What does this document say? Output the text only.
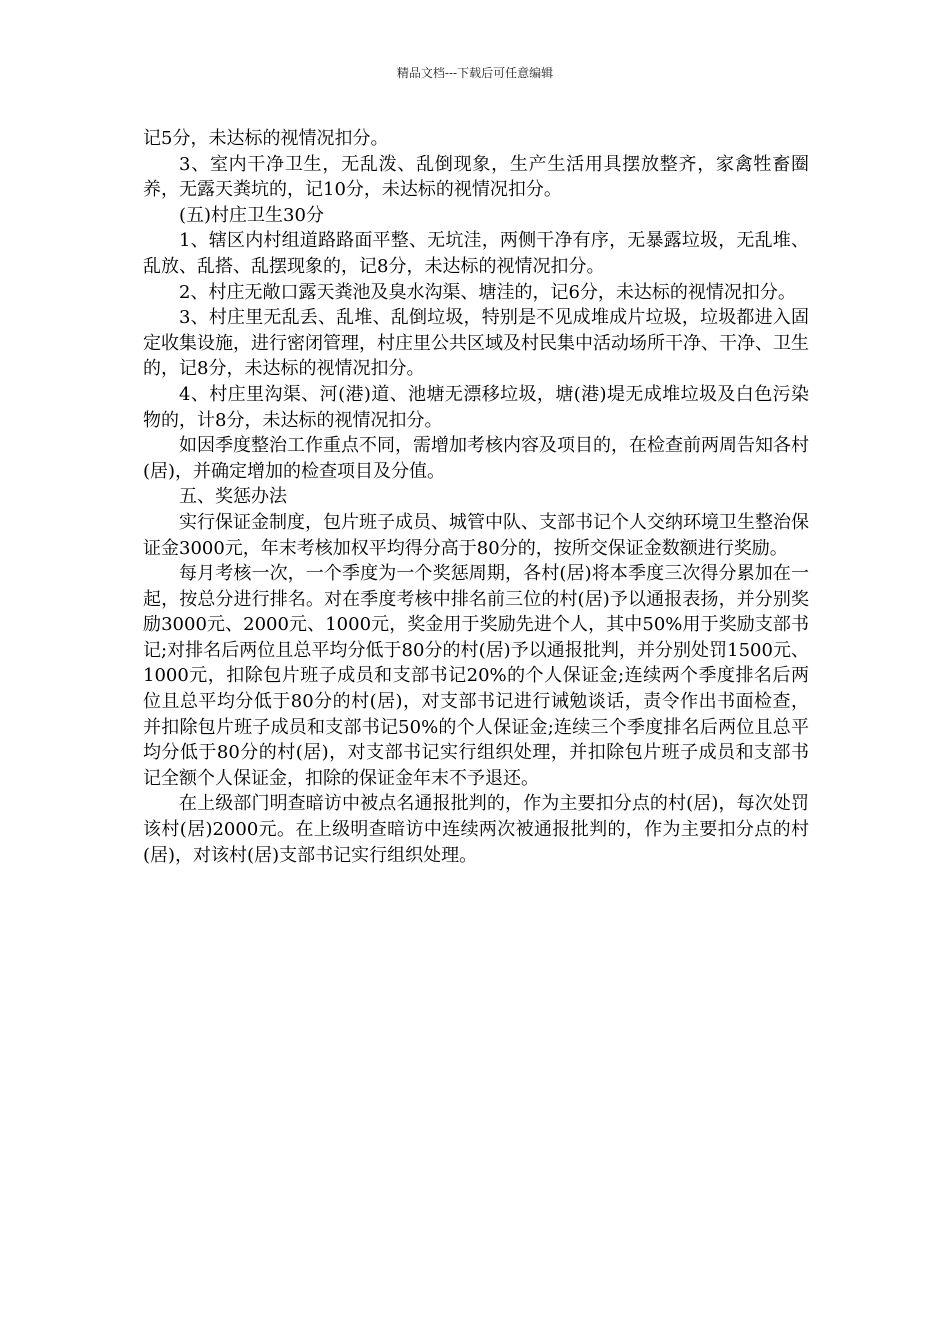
精品文档---下载后可任意编辑

记5分，未达标的视情况扣分。

3、室内干净卫生，无乱泼、乱倒现象，生产生活用具摆放整齐，家禽牲畜圈养，无露天粪坑的，记10分，未达标的视情况扣分。

(五)村庄卫生30分

1、辖区内村组道路路面平整、无坑洼，两侧干净有序，无暴露垃圾，无乱堆、乱放、乱搭、乱摆现象的，记8分，未达标的视情况扣分。

2、村庄无敞口露天粪池及臭水沟渠、塘洼的，记6分，未达标的视情况扣分。

3、村庄里无乱丢、乱堆、乱倒垃圾，特别是不见成堆成片垃圾，垃圾都进入固定收集设施，进行密闭管理，村庄里公共区域及村民集中活动场所干净、干净、卫生的，记8分，未达标的视情况扣分。

4、村庄里沟渠、河(港)道、池塘无漂移垃圾，塘(港)堤无成堆垃圾及白色污染物的，计8分，未达标的视情况扣分。

如因季度整治工作重点不同，需增加考核内容及项目的，在检查前两周告知各村(居)，并确定增加的检查项目及分值。

五、奖惩办法

实行保证金制度，包片班子成员、城管中队、支部书记个人交纳环境卫生整治保证金3000元，年末考核加权平均得分高于80分的，按所交保证金数额进行奖励。

每月考核一次，一个季度为一个奖惩周期，各村(居)将本季度三次得分累加在一起，按总分进行排名。对在季度考核中排名前三位的村(居)予以通报表扬，并分别奖励3000元、2000元、1000元，奖金用于奖励先进个人，其中50%用于奖励支部书记;对排名后两位且总平均分低于80分的村(居)予以通报批判，并分别处罚1500元、1000元，扣除包片班子成员和支部书记20%的个人保证金;连续两个季度排名后两位且总平均分低于80分的村(居)，对支部书记进行诫勉谈话，责令作出书面检查，并扣除包片班子成员和支部书记50%的个人保证金;连续三个季度排名后两位且总平均分低于80分的村(居)，对支部书记实行组织处理，并扣除包片班子成员和支部书记全额个人保证金，扣除的保证金年末不予退还。

在上级部门明查暗访中被点名通报批判的，作为主要扣分点的村(居)，每次处罚该村(居)2000元。在上级明查暗访中连续两次被通报批判的，作为主要扣分点的村(居)，对该村(居)支部书记实行组织处理。
